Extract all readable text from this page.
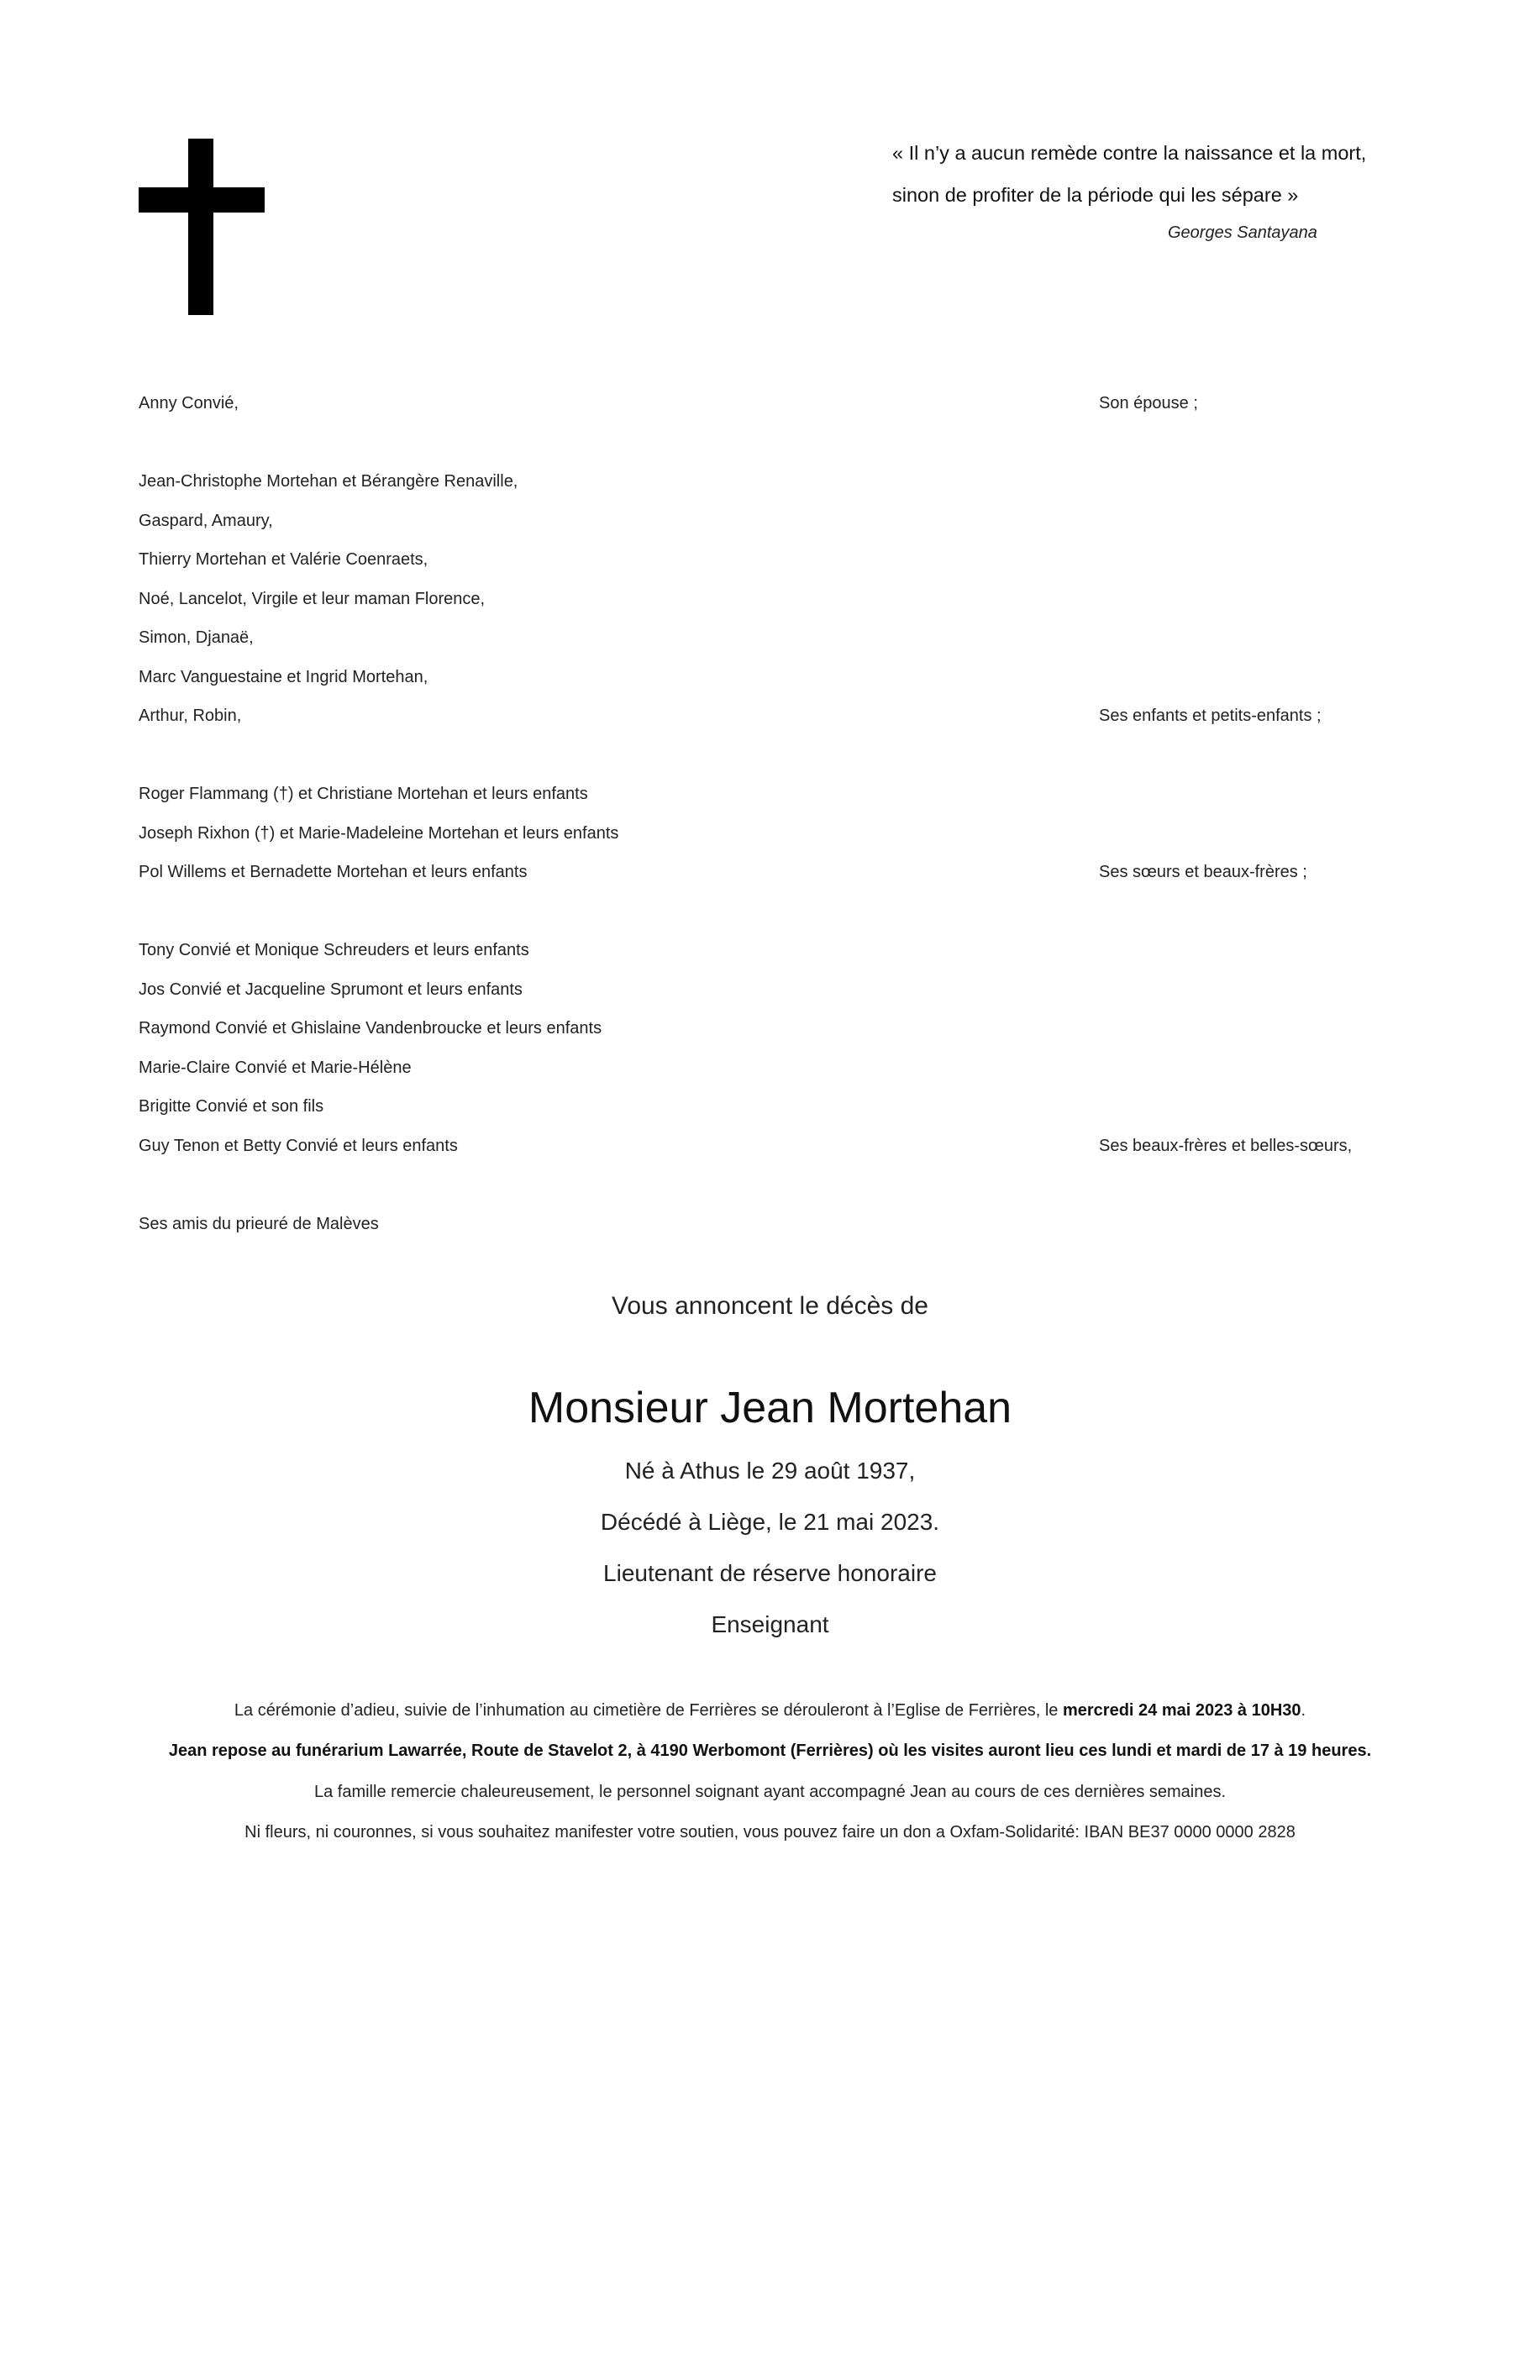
« Il n’y a aucun remède contre la naissance et la mort,
sinon de profiter de la période qui les sépare »
Georges Santayana
Anny Convié,	Son épouse ;
Jean-Christophe Mortehan et Bérangère Renaville,
Gaspard, Amaury,
Thierry Mortehan et Valérie Coenraets,
Noé, Lancelot, Virgile et leur maman Florence,
Simon, Djanaë,
Marc Vanguestaine et Ingrid Mortehan,
Arthur, Robin,	Ses enfants et petits-enfants ;
Roger Flammang (†) et Christiane Mortehan et leurs enfants
Joseph Rixhon (†) et Marie-Madeleine Mortehan et leurs enfants
Pol Willems et Bernadette Mortehan et leurs enfants	Ses sœurs et beaux-frères ;
Tony Convié et Monique Schreuders et leurs enfants
Jos Convié et Jacqueline Sprumont et leurs enfants
Raymond Convié et Ghislaine Vandenbroucke et leurs enfants
Marie-Claire Convié et Marie-Hélène
Brigitte Convié et son fils
Guy Tenon et Betty Convié et leurs enfants	Ses beaux-frères et belles-sœurs,
Ses amis du prieuré de Malèves
Vous annoncent le décès de
Monsieur Jean Mortehan
Né à Athus le 29 août 1937,
Décédé à Liège, le 21 mai 2023.
Lieutenant de réserve honoraire
Enseignant
La cérémonie d’adieu, suivie de l’inhumation au cimetière de Ferrières se dérouleront à l’Eglise de Ferrières, le mercredi 24 mai 2023 à 10H30.
Jean repose au funérarium Lawarrée, Route de Stavelot 2, à 4190 Werbomont (Ferrières) où les visites auront lieu ces lundi et mardi de 17 à 19 heures.
La famille remercie chaleureusement, le personnel soignant ayant accompagné Jean au cours de ces dernières semaines.
Ni fleurs, ni couronnes, si vous souhaitez manifester votre soutien, vous pouvez faire un don a Oxfam-Solidarité: IBAN BE37 0000 0000 2828
